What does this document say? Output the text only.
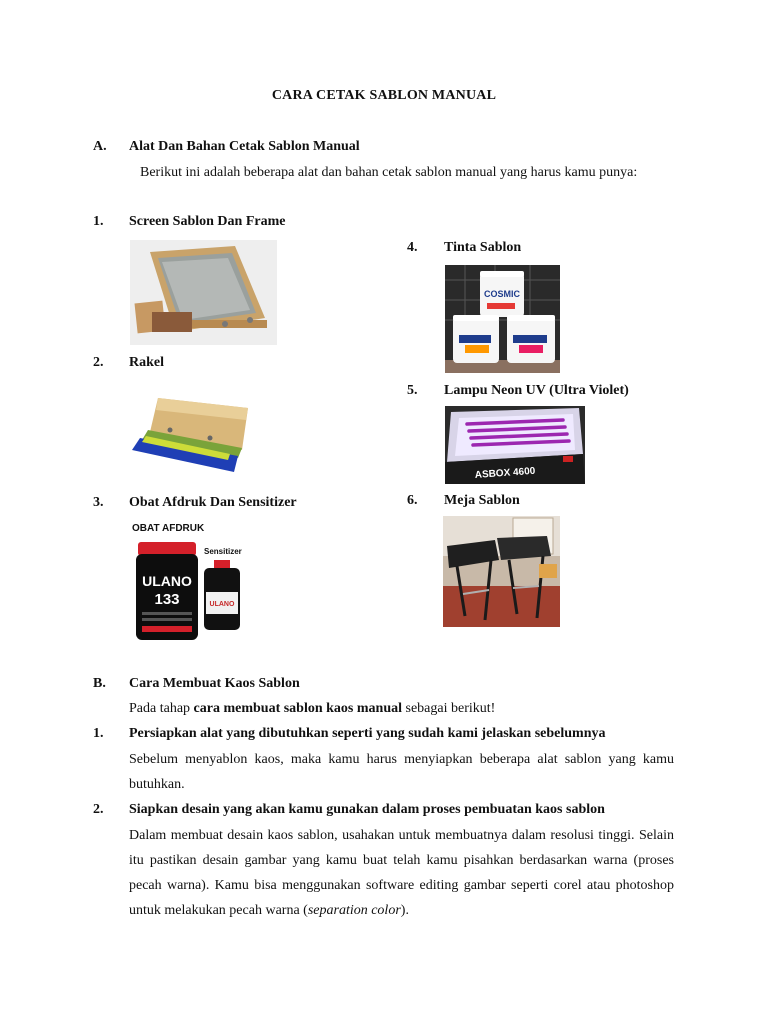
CARA CETAK SABLON MANUAL
A. Alat Dan Bahan Cetak Sablon Manual
Berikut ini adalah beberapa alat dan bahan cetak sablon manual yang harus kamu punya:
1. Screen Sablon Dan Frame
2. Rakel
3. Obat Afdruk Dan Sensitizer
OBAT AFDRUK
ULANO
133
Sensitizer
ULANO
4. Tinta Sablon
COSMIC
5. Lampu Neon UV (Ultra Violet)
ASBOX 4600
6. Meja Sablon
B. Cara Membuat Kaos Sablon
Pada tahap cara membuat sablon kaos manual sebagai berikut!
1. Persiapkan alat yang dibutuhkan seperti yang sudah kami jelaskan sebelumnya
Sebelum menyablon kaos, maka kamu harus menyiapkan beberapa alat sablon yang kamu butuhkan.
2. Siapkan desain yang akan kamu gunakan dalam proses pembuatan kaos sablon
Dalam membuat desain kaos sablon, usahakan untuk membuatnya dalam resolusi tinggi. Selain itu pastikan desain gambar yang kamu buat telah kamu pisahkan berdasarkan warna (proses pecah warna). Kamu bisa menggunakan software editing gambar seperti corel atau photoshop untuk melakukan pecah warna (separation color).
